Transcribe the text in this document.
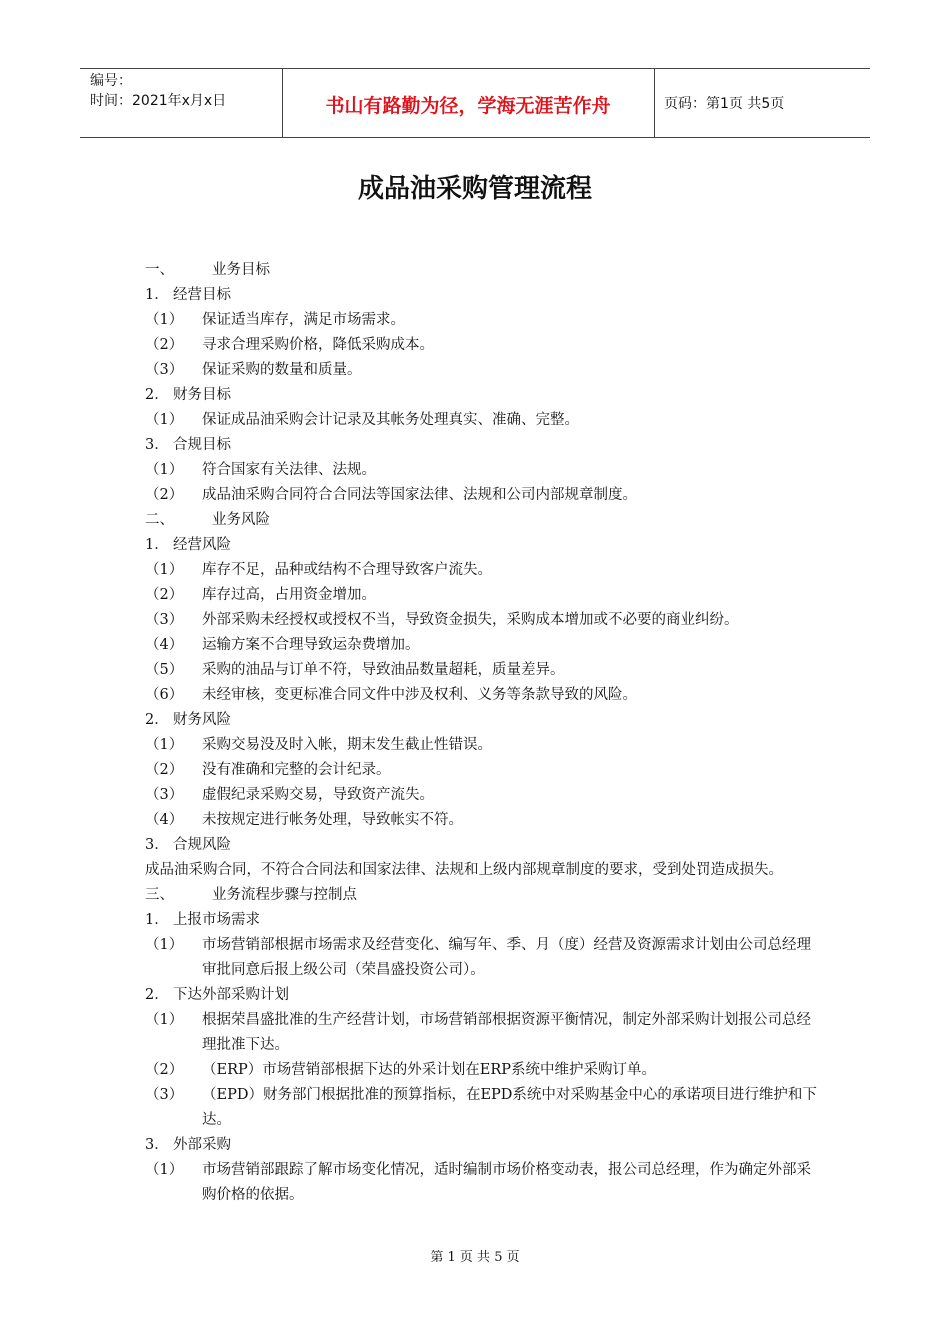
编号：
时间：2021年x月x日	书山有路勤为径，学海无涯苦作舟	页码：第1页 共5页
成品油采购管理流程
一、	业务目标
1． 经营目标
（1）	保证适当库存，满足市场需求。
（2）	寻求合理采购价格，降低采购成本。
（3）	保证采购的数量和质量。
2． 财务目标
（1）	保证成品油采购会计记录及其帐务处理真实、准确、完整。
3． 合规目标
（1）	符合国家有关法律、法规。
（2）	成品油采购合同符合合同法等国家法律、法规和公司内部规章制度。
二、	业务风险
1． 经营风险
（1）	库存不足，品种或结构不合理导致客户流失。
（2）	库存过高，占用资金增加。
（3）	外部采购未经授权或授权不当，导致资金损失，采购成本增加或不必要的商业纠纷。
（4）	运输方案不合理导致运杂费增加。
（5）	采购的油品与订单不符，导致油品数量超耗，质量差异。
（6）	未经审核，变更标准合同文件中涉及权利、义务等条款导致的风险。
2． 财务风险
（1）	采购交易没及时入帐，期末发生截止性错误。
（2）	没有准确和完整的会计纪录。
（3）	虚假纪录采购交易，导致资产流失。
（4）	未按规定进行帐务处理，导致帐实不符。
3． 合规风险
成品油采购合同，不符合合同法和国家法律、法规和上级内部规章制度的要求，受到处罚造成损失。
三、	业务流程步骤与控制点
1． 上报市场需求
（1）	市场营销部根据市场需求及经营变化、编写年、季、月（度）经营及资源需求计划由公司总经理审批同意后报上级公司（荣昌盛投资公司）。
2． 下达外部采购计划
（1）	根据荣昌盛批准的生产经营计划，市场营销部根据资源平衡情况，制定外部采购计划报公司总经理批准下达。
（2）	（ERP）市场营销部根据下达的外采计划在ERP系统中维护采购订单。
（3）	（EPD）财务部门根据批准的预算指标，在EPD系统中对采购基金中心的承诺项目进行维护和下达。
3． 外部采购
（1）	市场营销部跟踪了解市场变化情况，适时编制市场价格变动表，报公司总经理，作为确定外部采购价格的依据。
第 1 页 共 5 页
